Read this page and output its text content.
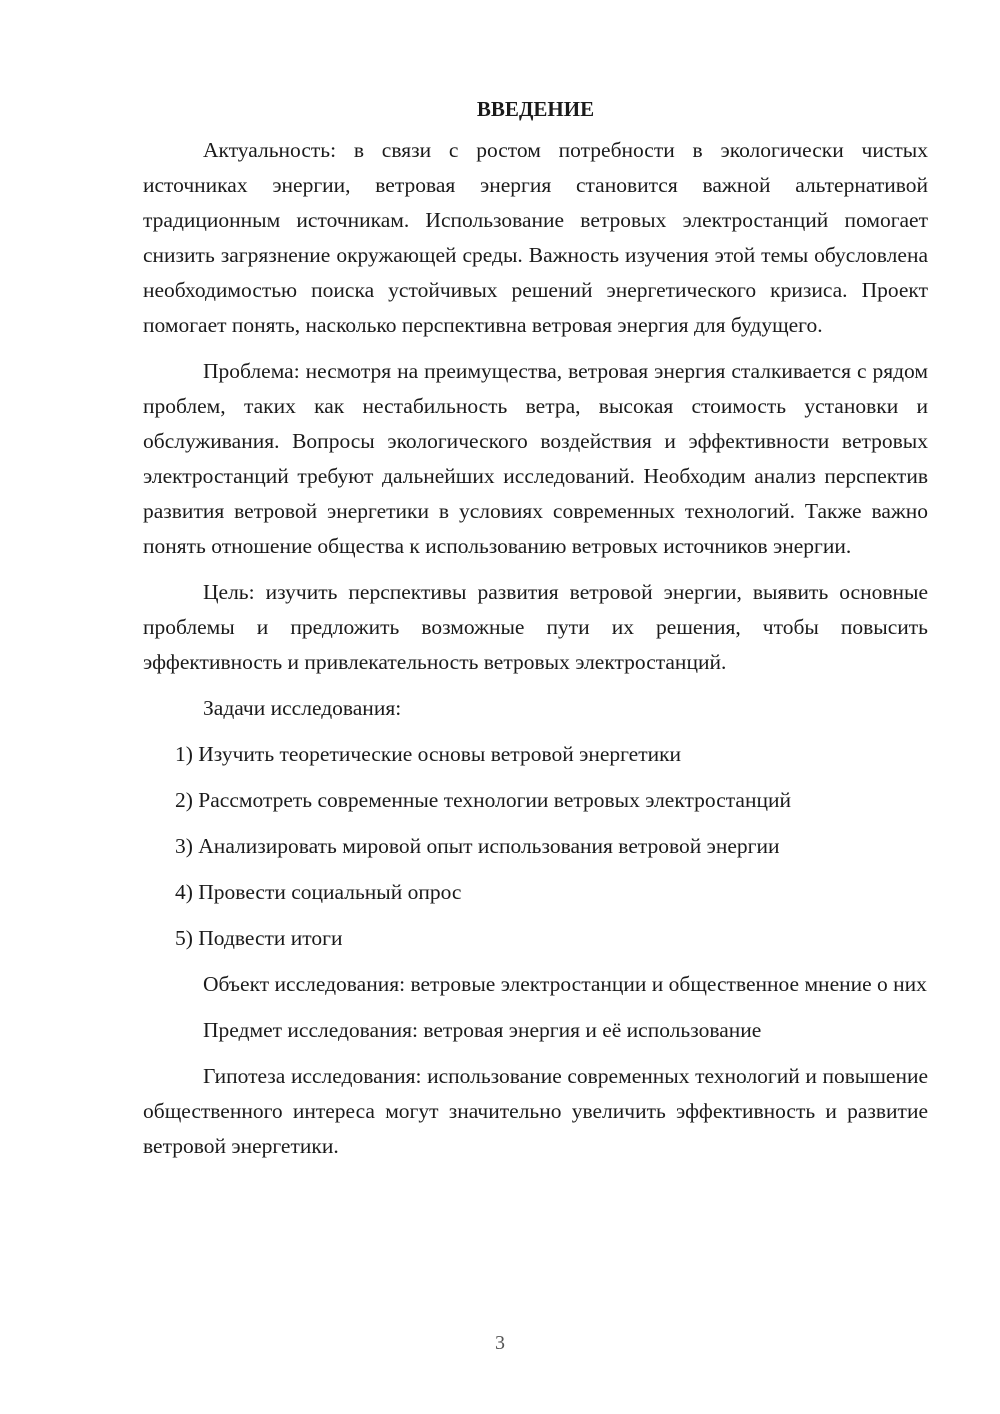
ВВЕДЕНИЕ

Актуальность: в связи с ростом потребности в экологически чистых источниках энергии, ветровая энергия становится важной альтернативой традиционным источникам. Использование ветровых электростанций помогает снизить загрязнение окружающей среды. Важность изучения этой темы обусловлена необходимостью поиска устойчивых решений энергетического кризиса. Проект помогает понять, насколько перспективна ветровая энергия для будущего.

Проблема: несмотря на преимущества, ветровая энергия сталкивается с рядом проблем, таких как нестабильность ветра, высокая стоимость установки и обслуживания. Вопросы экологического воздействия и эффективности ветровых электростанций требуют дальнейших исследований. Необходим анализ перспектив развития ветровой энергетики в условиях современных технологий. Также важно понять отношение общества к использованию ветровых источников энергии.

Цель: изучить перспективы развития ветровой энергии, выявить основные проблемы и предложить возможные пути их решения, чтобы повысить эффективность и привлекательность ветровых электростанций.

Задачи исследования:

1) Изучить теоретические основы ветровой энергетики

2) Рассмотреть современные технологии ветровых электростанций

3) Анализировать мировой опыт использования ветровой энергии

4) Провести социальный опрос

5) Подвести итоги

Объект исследования: ветровые электростанции и общественное мнение о них

Предмет исследования: ветровая энергия и её использование

Гипотеза исследования: использование современных технологий и повышение общественного интереса могут значительно увеличить эффективность и развитие ветровой энергетики.

3
